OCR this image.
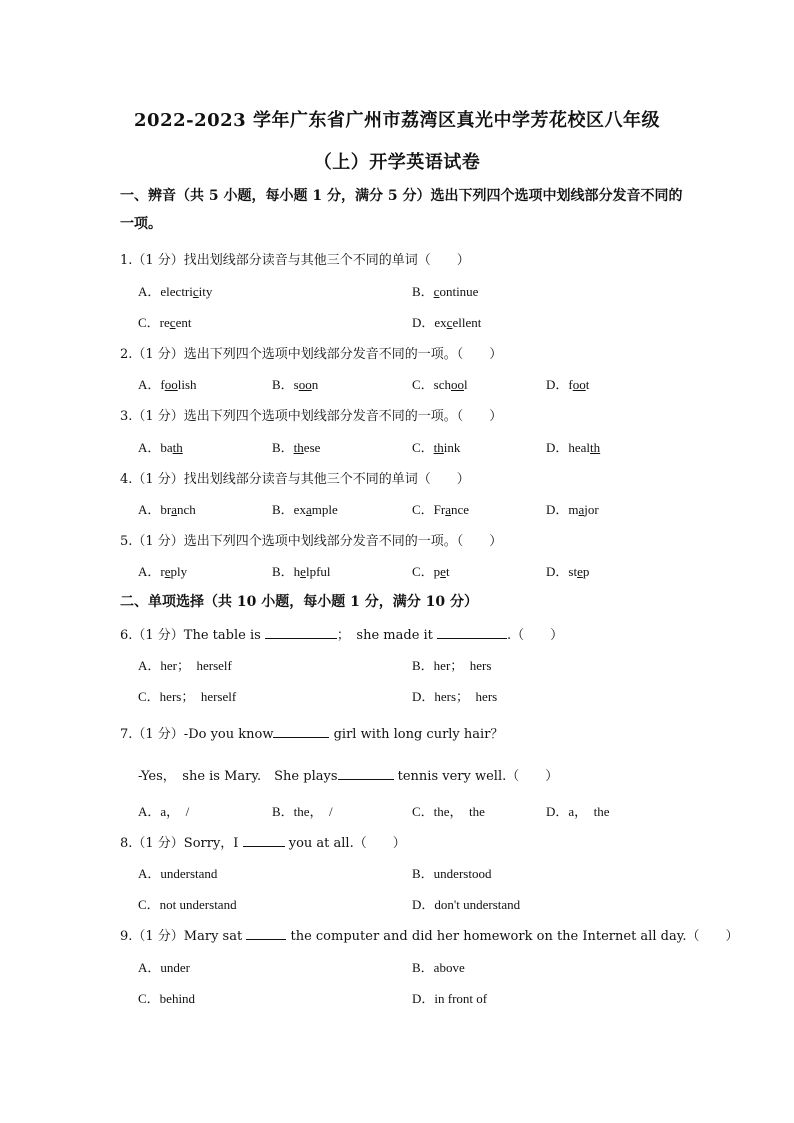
2022-2023 学年广东省广州市荔湾区真光中学芳花校区八年级
（上）开学英语试卷
一、辨音（共 5 小题，每小题 1 分，满分 5 分）选出下列四个选项中划线部分发音不同的一项。
1.（1 分）找出划线部分读音与其他三个不同的单词（　　）
A．electricity	B．continue
C．recent	D．excellent
2.（1 分）选出下列四个选项中划线部分发音不同的一项。（　　）
A．foolish	B．soon	C．school	D．foot
3.（1 分）选出下列四个选项中划线部分发音不同的一项。（　　）
A．bath	B．these	C．think	D．health
4.（1 分）找出划线部分读音与其他三个不同的单词（　　）
A．branch	B．example	C．France	D．major
5.（1 分）选出下列四个选项中划线部分发音不同的一项。（　　）
A．reply	B．helpful	C．pet	D．step
二、单项选择（共 10 小题，每小题 1 分，满分 10 分）
6.（1 分）The table is	；　she made it	.（　　）
A．her；　herself	B．her；　hers
C．hers；　herself	D．hers；　hers
7.（1 分）-Do you know	girl with long curly hair？
-Yes，　she is Mary.　She plays	tennis very well.（　　）
A．a，　/	B．the，　/	C．the，　the	D．a，　the
8.（1 分）Sorry，I	you at all.（　　）
A．understand	B．understood
C．not understand	D．don't understand
9.（1 分）Mary sat	the computer and did her homework on the Internet all day.（　　）
A．under	B．above
C．behind	D．in front of
